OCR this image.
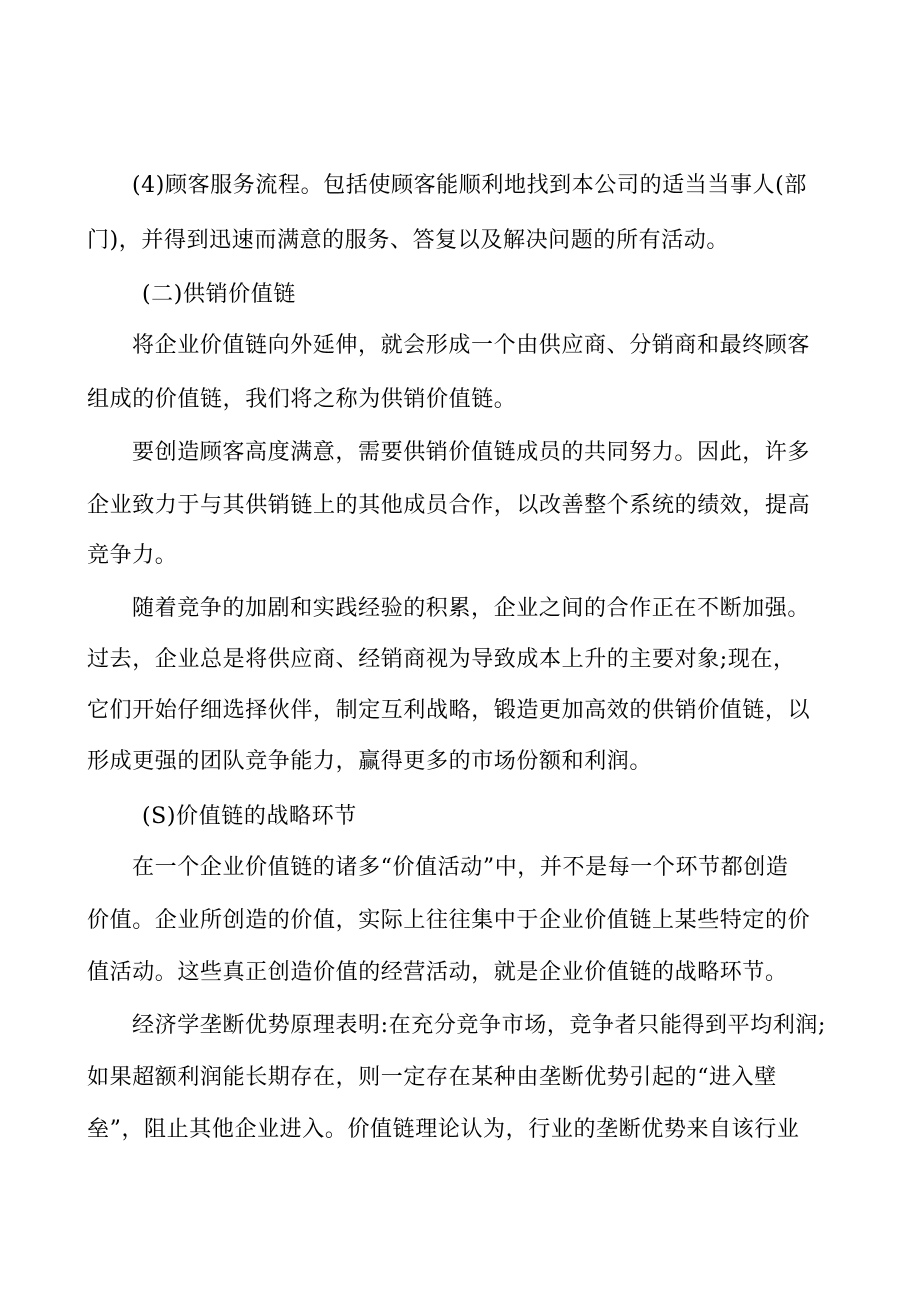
(4)顾客服务流程。包括使顾客能顺利地找到本公司的适当当事人(部
门)，并得到迅速而满意的服务、答复以及解决问题的所有活动。
(二)供销价值链
将企业价值链向外延伸，就会形成一个由供应商、分销商和最终顾客
组成的价值链，我们将之称为供销价值链。
要创造顾客高度满意，需要供销价值链成员的共同努力。因此，许多
企业致力于与其供销链上的其他成员合作，以改善整个系统的绩效，提高
竞争力。
随着竞争的加剧和实践经验的积累，企业之间的合作正在不断加强。
过去，企业总是将供应商、经销商视为导致成本上升的主要对象;现在，
它们开始仔细选择伙伴，制定互利战略，锻造更加高效的供销价值链，以
形成更强的团队竞争能力，赢得更多的市场份额和利润。
(S)价值链的战略环节
在一个企业价值链的诸多“价值活动”中，并不是每一个环节都创造
价值。企业所创造的价值，实际上往往集中于企业价值链上某些特定的价
值活动。这些真正创造价值的经营活动，就是企业价值链的战略环节。
经济学垄断优势原理表明:在充分竞争市场，竞争者只能得到平均利润;
如果超额利润能长期存在，则一定存在某种由垄断优势引起的“进入壁
垒”，阻止其他企业进入。价值链理论认为，行业的垄断优势来自该行业
